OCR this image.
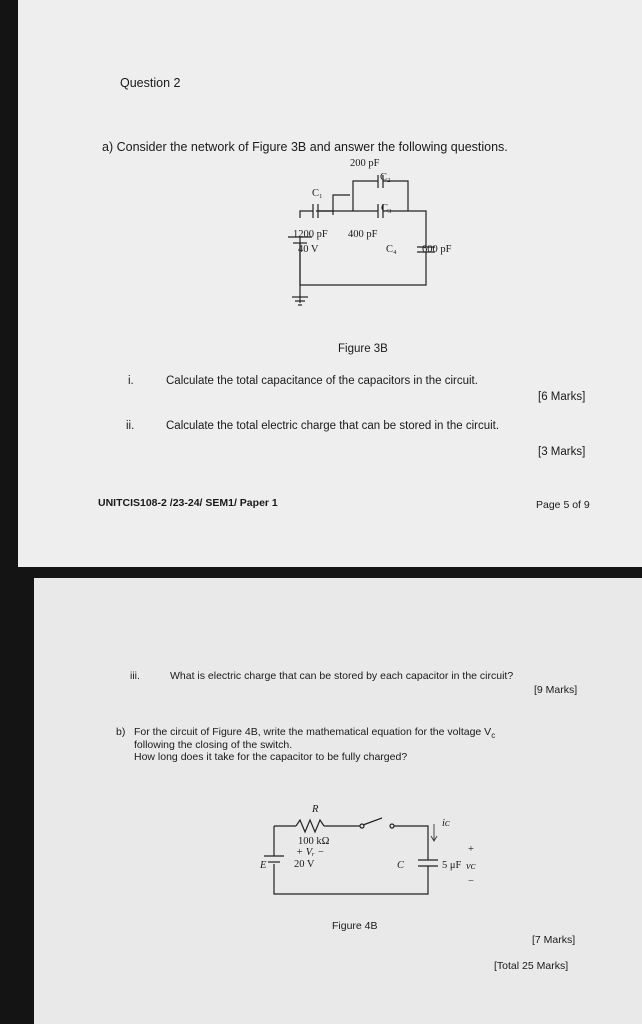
Question 2
a) Consider the network of Figure 3B and answer the following questions.
200 pF
C₂
C₁
C₃
1200 pF 400 pF
40 V	C₄ 600 pF
Figure 3B
i.	Calculate the total capacitance of the capacitors in the circuit.
[6 Marks]
ii.	Calculate the total electric charge that can be stored in the circuit.
[3 Marks]
UNITCIS108-2 /23-24/ SEM1/ Paper 1	Page 5 of 9
iii.	What is electric charge that can be stored by each capacitor in the circuit?
[9 Marks]
b) For the circuit of Figure 4B, write the mathematical equation for the voltage $V_c$
following the closing of the switch.
How long does it take for the capacitor to be fully charged?
R
100 kΩ
+ Vᵣ −
E	20 V	C	5 μF vᴄ
iᴄ
+
−
Figure 4B
[7 Marks]
[Total 25 Marks]
